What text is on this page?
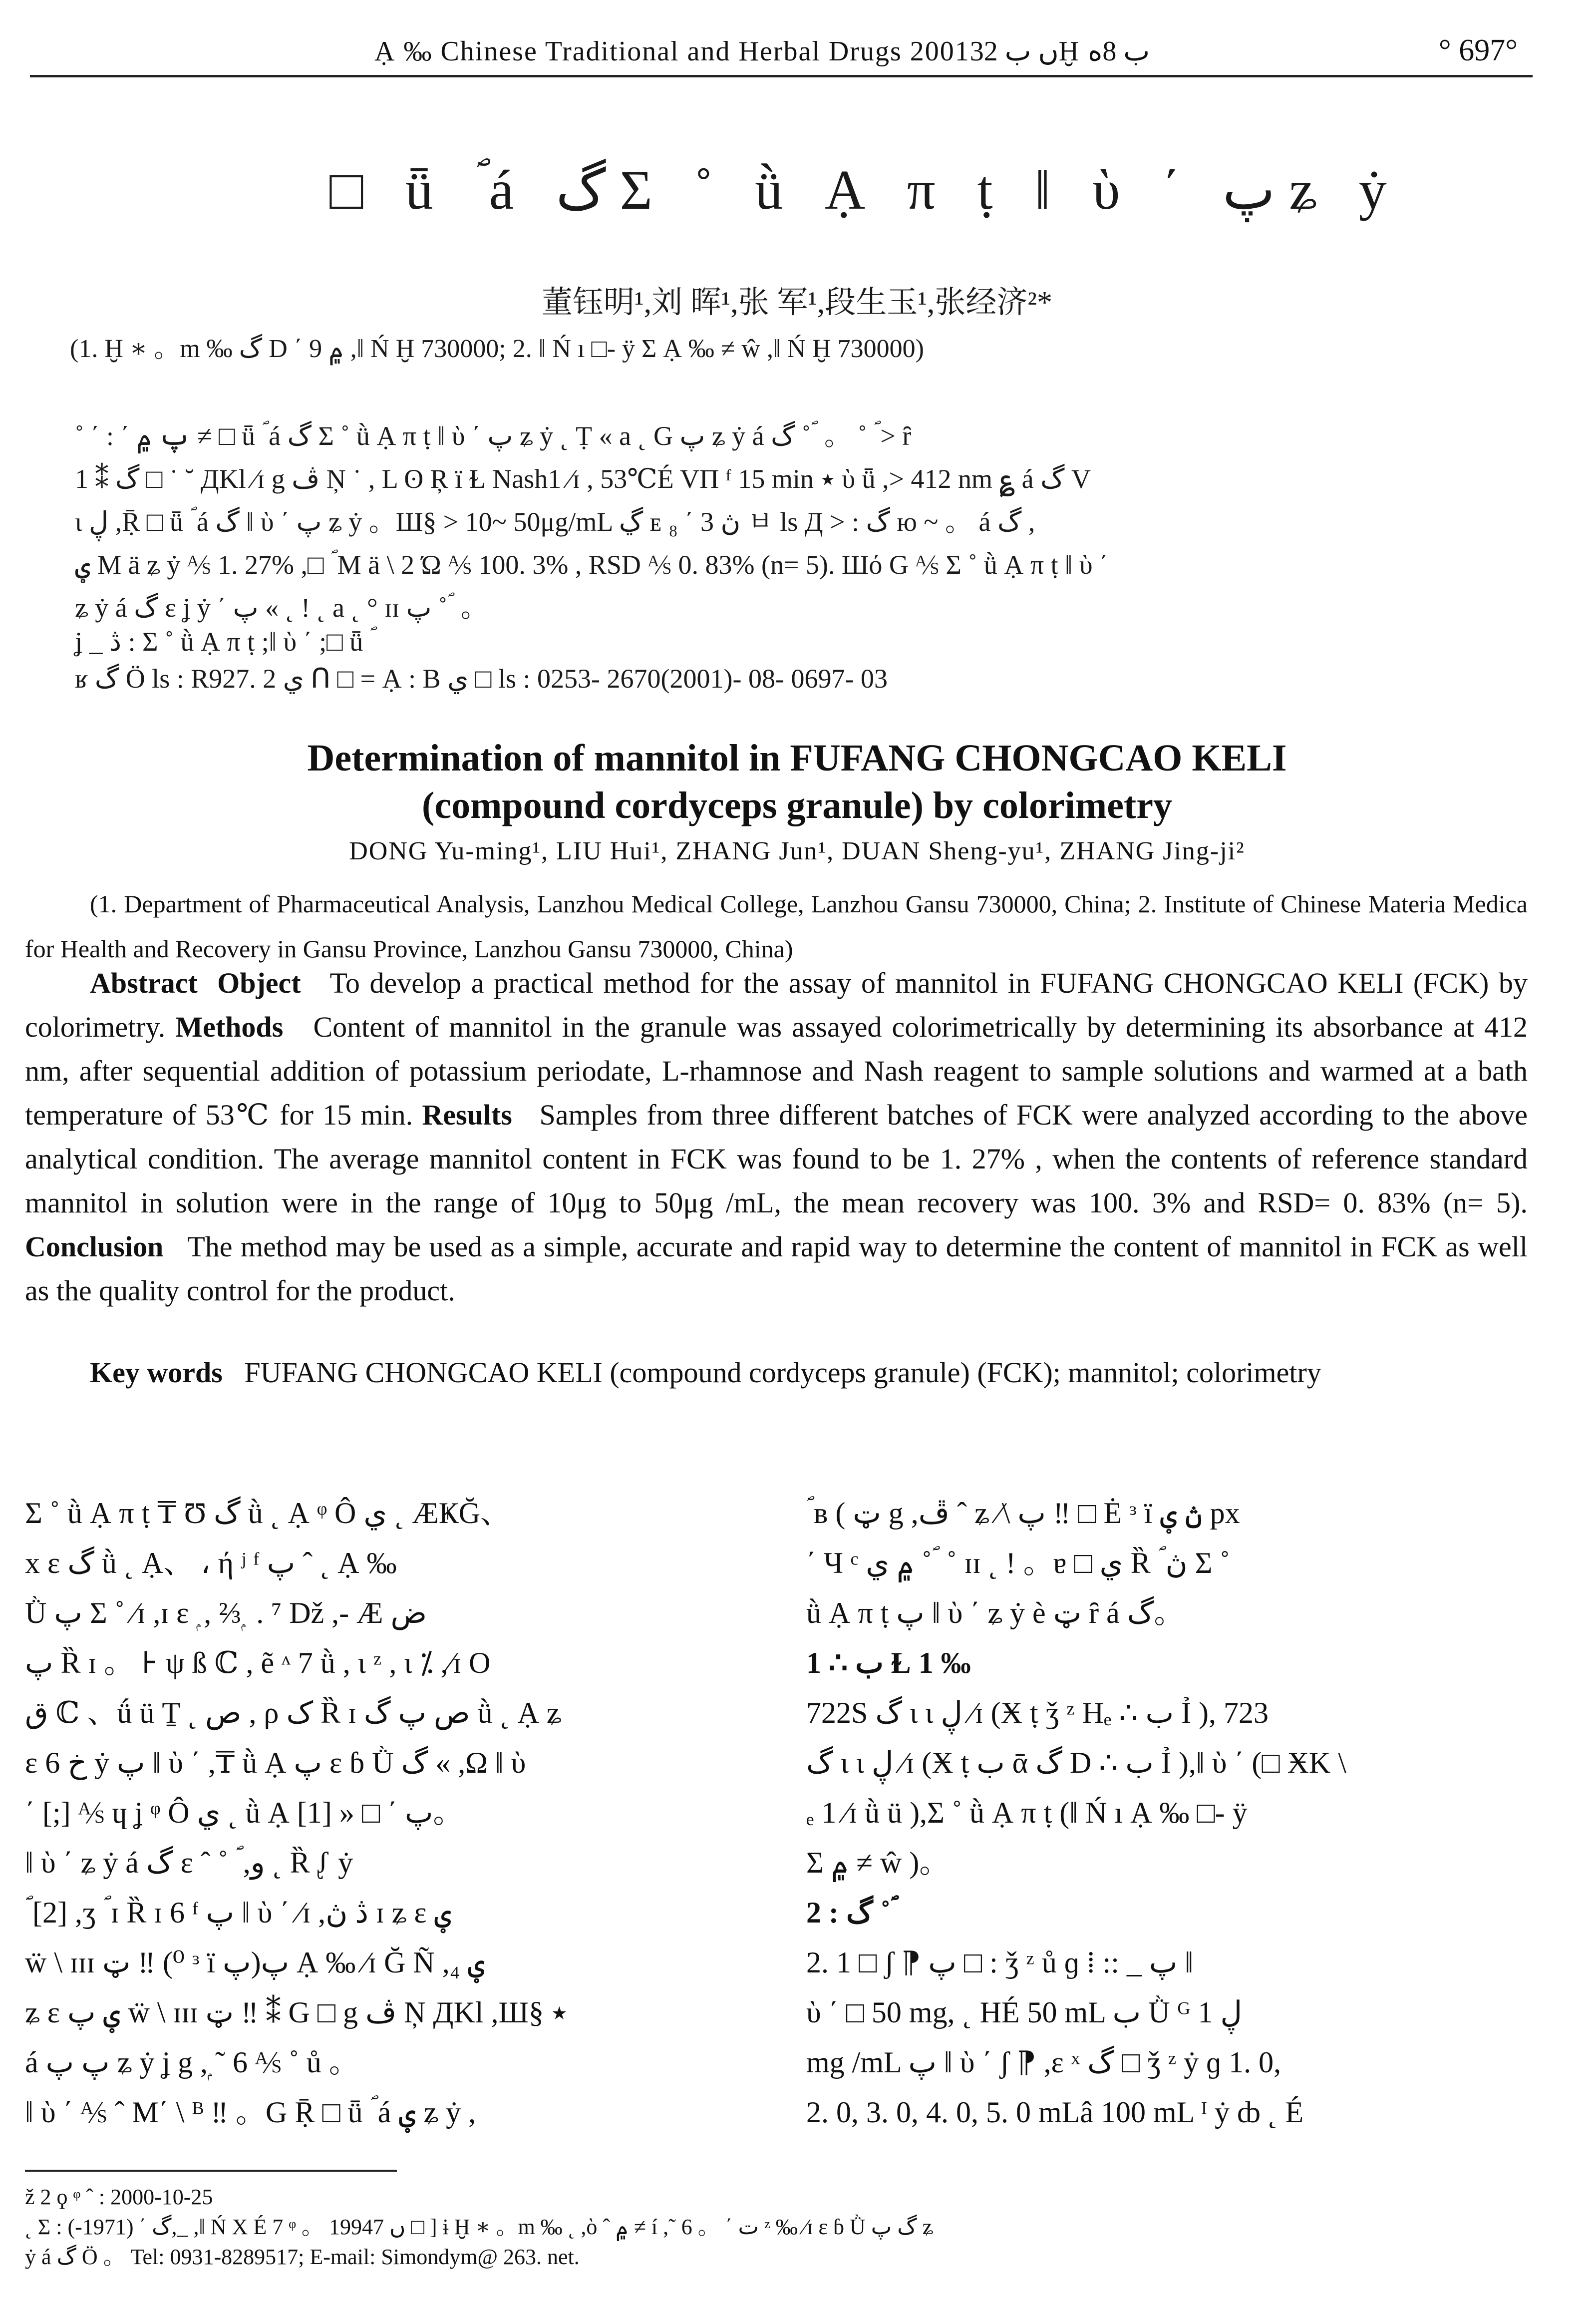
Ạ ‰ Chinese Traditional and Herbal Drugs 2001ں ب 32Ḫ ب 8ە	° 697°
□ ǖ ؐ á گ Σ ˚ ǜ Ạ π ṭ ‖ ὺ ΄ پ ʑ ẏ
董钰明¹,刘 晖¹,张 军¹,段生玉¹,张经济²*
(1. Ḫ ∗ 。m ‰ گ D ΄ ۾ 9 ,‖ Ń Ḫ 730000; 2. ‖ Ń ı □- ӱ Σ Ạ ‰ ≠ ŵ ,‖ Ń Ḫ 730000)
˚ ΄ : ΄ پ ۾ ≠ □ ǖ ؐ á گ Σ ˚ ǜ Ạ π ṭ ‖ ὺ ΄ پ ʑ ẏ ˛ Ṭ « a ˛ G پ ʑ ẏ á گ ˚ ؐ 。 ˚ ؐ > ȓ
1 ⁑ گ □ ˙ ˘ ДKl ⁄ɪ g ڤ Ņ ˙ , L ʘ Ŗ ï Ɫ Nash1 ⁄ɪ , 53℃É VΠ ᶠ 15 min ٭ ὺ ǖ ,> 412 nm ؏ á گ V
ι ڸ ,Ṝ □ ǖ ؐ á گ ‖ ὺ ΄ پ ʑ ẏ 。Ш§ > 10~ 50μg/mL ڲ ᴇ ڽ 3 ΄ ₈ ㅂ ls Д > : گ ю ~ 。 á گ ,
ؠ Μ ä ʑ ẏ ⅍ 1. 27% ,□ ؐ Μ ä \ 2 Ώ ⅍ 100. 3% , RSD ⅍ 0. 83% (n= 5). Шό G ⅍ Σ ˚ ǜ Ạ π ṭ ‖ ὺ ΄
ʑ ẏ á گ ɛ ʝ ẏ ΄ پ « ˛ ! ˛ a ˛ ° ɪɪ پ ˚ ؐ 。
ʝ _ ڎ : Σ ˚ ǜ Ạ π ṭ ;‖ ὺ ΄ ;□ ǖ ؐ
ʁ گ Ö ls : R927. 2 ي ᑎ □ = Ạ : B ي □ ls : 0253- 2670(2001)- 08- 0697- 03
Determination of mannitol in FUFANG CHONGCAO KELI
(compound cordyceps granule) by colorimetry
DONG Yu-ming¹, LIU Hui¹, ZHANG Jun¹, DUAN Sheng-yu¹, ZHANG Jing-ji²
(1. Department of Pharmaceutical Analysis, Lanzhou Medical College, Lanzhou Gansu 730000, China; 2. Institute of Chinese Materia Medica for Health and Recovery in Gansu Province, Lanzhou Gansu 730000, China)
Abstract Object To develop a practical method for the assay of mannitol in FUFANG CHONGCAO KELI (FCK) by colorimetry. Methods Content of mannitol in the granule was assayed colorimetrically by determining its absorbance at 412 nm, after sequential addition of potassium periodate, L-rhamnose and Nash reagent to sample solutions and warmed at a bath temperature of 53℃ for 15 min. Results Samples from three different batches of FCK were analyzed according to the above analytical condition. The average mannitol content in FCK was found to be 1. 27% , when the contents of reference standard mannitol in solution were in the range of 10μg to 50μg /mL, the mean recovery was 100. 3% and RSD= 0. 83% (n= 5). Conclusion The method may be used as a simple, accurate and rapid way to determine the content of mannitol in FCK as well as the quality control for the product.
Key words FUFANG CHONGCAO KELI (compound cordyceps granule) (FCK); mannitol; colorimetry

Σ ˚ ǜ Ạ π ṭ ₸ Ʊ گ ǜ ˛ Ạ ᵠ Ô ي ˛ ÆҜĞ、

x ε گ ǜ ˛ Ạ、 ، ή ʲ ᶠ پ ˆ ˛ Ạ ‰

Ǜ پ Σ ˚ ⁄ɪ ,ɪ ɛ ۭ , ⅔ ۭ . ⁷ Dž ,- Æ ض

پ Ȑ ɪ 。 ⊦ ψ ß ℂ , ẽ ᶺ 7 ǜ , ι ᶻ , ι ⁒ ,⁄ɪ O

ق ℂ 、ǘ ü Ṯ ˛ ص , ρ ک Ȑ ɪ ص پ گ ǜ ˛ Ạ ʑ

ɛ 6 خ ẏ پ ‖ ὺ ΄ ,₸ ǜ Ạ پ ɛ ɓ Ǜ گ « ,Ω ‖ ὺ

΄ [;] ⅍ ɥ ʝ ᵠ Ô ي ˛ ǜ Ạ پ ΄ □ « [1]。

‖ ὺ ΄ ʑ ẏ á گ ɛ ˆ ˚ ؐ ,و ˛ Ȑ ᶘ ẏ

ؐ [2] ,ʒ ؐ ɪ Ȑ ɪ 6 ᶠ پ ‖ ὺ ΄ ⁄ɪ ,ڎ ڽ ɪ ʑ ɛ ؠ

ẅ \ ɪɪɪ ټ ‼ (⁰ ᶟ ï پ)پ Ạ ‰ ⁄ɪ Ğ Ñ ,₄ ؠ

ʑ ɛ ؠ پ ẅ \ ɪɪɪ ټ ‼ ⁑ G □ g ڤ Ņ ДKl ,Ш§ ٭

á پ پ ʑ ẏ ʝ g ,ۭ ˜ 6 ⅍ ˚ ů 。

‖ ὺ ΄ ⅍ ˆ M΄ \ ᴮ ‼ 。G Ṝ □ ǖ ؐ á ؠ ʑ ẏ ,

ؐ ʙ ( ټ g ,ڦ ˆ ʑ ⁄\ پ ‼ □ Ė ᶟ ï ڽ ؠ px

΄ Ч ᶜ ۾ ي ˚ ؐ ˚ ɪɪ ˛ ! 。ɐ □ ي Ȑ ؐ ڽ Σ ˚

ǜ Ạ π ṭ پ ‖ ὺ ΄ ʑ ẏ è ټ ȓ á گ。

1 ∴ ب Ɫ 1 ‰

722S گ ι ι ڸ ⁄ɪ (Ӿ ṭ ǯ ᶻ Hₑ ∴ ب Ỉ ), 723

گ ι ι ڸ ⁄ɪ (Ӿ ṭ ب ᾱ گ D ∴ ب Ỉ ),‖ ὺ ΄ (□ ӾK \

ₑ 1 ⁄ɪ ǜ ü ),Σ ˚ ǜ Ạ π ṭ (‖ Ń ı Ạ ‰ □- ӱ

Σ ۾ ≠ ŵ )。

2 : گ ˚ ؐ

2. 1 □ ʃ ⁋ پ □ : ǯ ᶻ ů ɡ ⁞ :: _ پ ‖

ὺ ΄ □ 50 mg, ˛ HÉ 50 mL ب Ǜ ᴳ ڸ 1

mg /mL پ ‖ ὺ ΄ ʃ ⁋ ,ε ˣ گ □ ǯ ᶻ ẏ ɡ 1. 0,

2. 0, 3. 0, 4. 0, 5. 0 mLâ 100 mL ᴵ ẏ ȸ ˛ É

ž 2 ϙ ᵠ ˆ : 2000-10-25

˛ Σ : گ ΄ (1971-),_ ,‖ Ń X É 7 ᵠ 。 1994ں 7 □ ] ɨ Ḫ ∗ 。m ‰ ˛ ,ὸ ˆ ۾ ≠ í ,˜ 6 。 ΄ ت ᶻ ‰ ⁄ɪ ɛ ɓ Ǜ گ پ ʑ

ẏ á گ Ö 。 Tel: 0931-8289517; E-mail: Simondym@ 263. net.
